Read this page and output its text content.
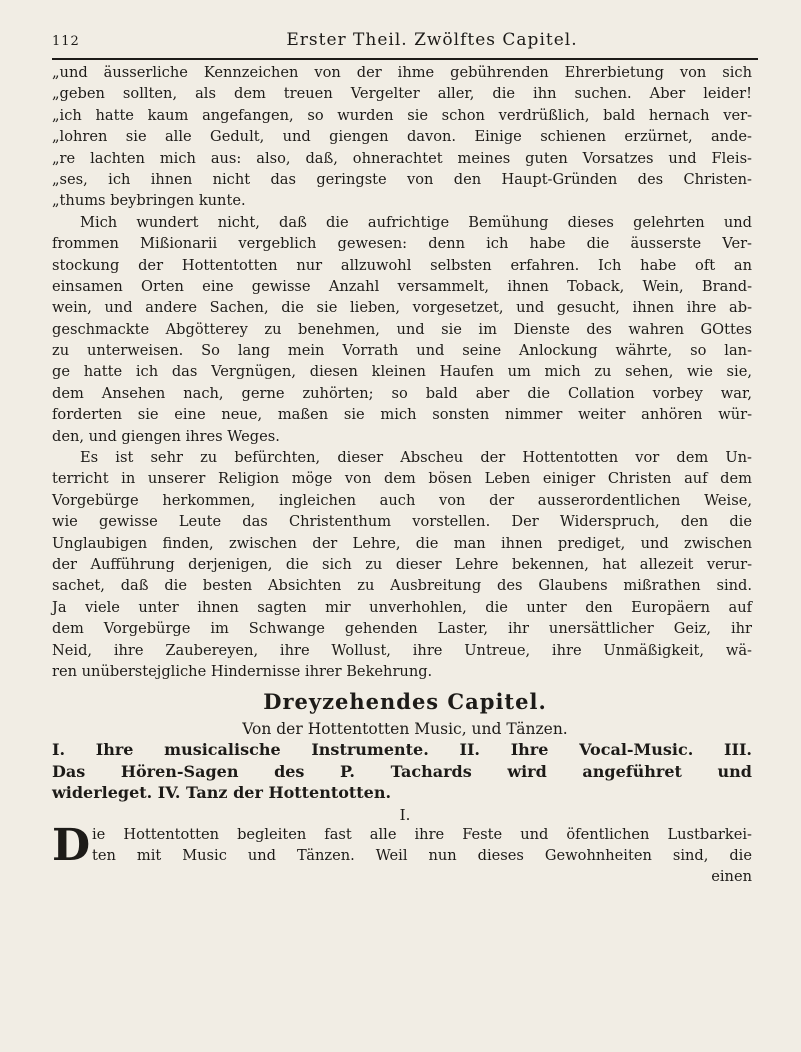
112	Erster Theil. Zwölftes Capitel.
„und äusserliche Kennzeichen von der ihme gebührenden Ehrerbietung von sich
„geben sollten, als dem treuen Vergelter aller, die ihn suchen. Aber leider!
„ich hatte kaum angefangen, so wurden sie schon verdrüßlich, bald hernach ver-
„lohren sie alle Gedult, und giengen davon. Einige schienen erzürnet, ande-
„re lachten mich aus: also, daß, ohnerachtet meines guten Vorsatzes und Fleis-
„ses, ich ihnen nicht das geringste von den Haupt-Gründen des Christen-
„thums beybringen kunte.
Mich wundert nicht, daß die aufrichtige Bemühung dieses gelehrten und
frommen Mißionarii vergeblich gewesen: denn ich habe die äusserste Ver-
stockung der Hottentotten nur allzuwohl selbsten erfahren. Ich habe oft an
einsamen Orten eine gewisse Anzahl versammelt, ihnen Toback, Wein, Brand-
wein, und andere Sachen, die sie lieben, vorgesetzet, und gesucht, ihnen ihre ab-
geschmackte Abgötterey zu benehmen, und sie im Dienste des wahren GOttes
zu unterweisen. So lang mein Vorrath und seine Anlockung währte, so lan-
ge hatte ich das Vergnügen, diesen kleinen Haufen um mich zu sehen, wie sie,
dem Ansehen nach, gerne zuhörten; so bald aber die Collation vorbey war,
forderten sie eine neue, maßen sie mich sonsten nimmer weiter anhören wür-
den, und giengen ihres Weges.
Es ist sehr zu befürchten, dieser Abscheu der Hottentotten vor dem Un-
terricht in unserer Religion möge von dem bösen Leben einiger Christen auf dem
Vorgebürge herkommen, ingleichen auch von der ausserordentlichen Weise,
wie gewisse Leute das Christenthum vorstellen. Der Widerspruch, den die
Unglaubigen finden, zwischen der Lehre, die man ihnen prediget, und zwischen
der Aufführung derjenigen, die sich zu dieser Lehre bekennen, hat allezeit verur-
sachet, daß die besten Absichten zu Ausbreitung des Glaubens mißrathen sind.
Ja viele unter ihnen sagten mir unverhohlen, die unter den Europäern auf
dem Vorgebürge im Schwange gehenden Laster, ihr unersättlicher Geiz, ihr
Neid, ihre Zaubereyen, ihre Wollust, ihre Untreue, ihre Unmäßigkeit, wä-
ren unüberstejgliche Hindernisse ihrer Bekehrung.
Dreyzehendes Capitel.
Von der Hottentotten Music, und Tänzen.
I. Ihre musicalische Instrumente. II. Ihre Vocal-Music. III.
Das Hören-Sagen des P. Tachards wird angeführet und
widerleget. IV. Tanz der Hottentotten.
I.
D ie Hottentotten begleiten fast alle ihre Feste und öfentlichen Lustbarkei-
ten mit Music und Tänzen. Weil nun dieses Gewohnheiten sind, die
einen
